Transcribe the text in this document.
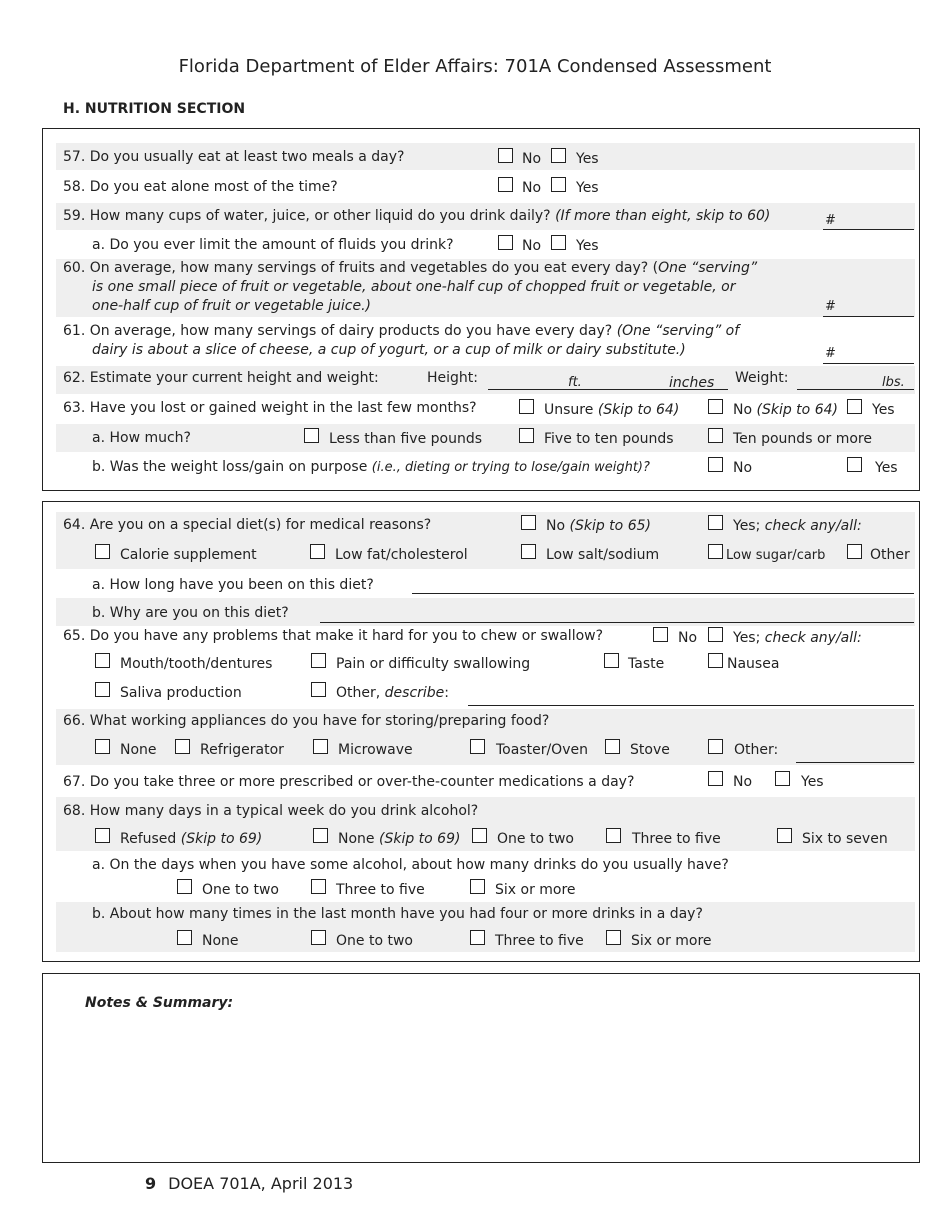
Florida Department of Elder Affairs: 701A Condensed Assessment
H. NUTRITION SECTION
57. Do you usually eat at least two meals a day?	No Yes
58. Do you eat alone most of the time?	No Yes
59. How many cups of water, juice, or other liquid do you drink daily? (If more than eight, skip to 60)	#
a. Do you ever limit the amount of fluids you drink?	No Yes
60. On average, how many servings of fruits and vegetables do you eat every day? (One “serving”
is one small piece of fruit or vegetable, about one-half cup of chopped fruit or vegetable, or
one-half cup of fruit or vegetable juice.)	#
61. On average, how many servings of dairy products do you have every day? (One “serving” of
dairy is about a slice of cheese, a cup of yogurt, or a cup of milk or dairy substitute.)	#
62. Estimate your current height and weight:	Height:	ft.	inches Weight:	lbs.
63. Have you lost or gained weight in the last few months?	Unsure (Skip to 64)	No (Skip to 64) Yes
a. How much?	Less than five pounds	Five to ten pounds	Ten pounds or more
b. Was the weight loss/gain on purpose (i.e., dieting or trying to lose/gain weight)?	No	Yes
64. Are you on a special diet(s) for medical reasons?	No (Skip to 65)	Yes; check any/all:
Calorie supplement	Low fat/cholesterol	Low salt/sodium	Low sugar/carb	Other
a. How long have you been on this diet?
b. Why are you on this diet?
65. Do you have any problems that make it hard for you to chew or swallow?	No	Yes; check any/all:
Mouth/tooth/dentures	Pain or difficulty swallowing	Taste	Nausea
Saliva production	Other, describe:
66. What working appliances do you have for storing/preparing food?
None	Refrigerator	Microwave	Toaster/Oven	Stove	Other:
67. Do you take three or more prescribed or over-the-counter medications a day?	No	Yes
68. How many days in a typical week do you drink alcohol?
Refused (Skip to 69)	None (Skip to 69)	One to two	Three to five	Six to seven
a. On the days when you have some alcohol, about how many drinks do you usually have?
One to two	Three to five	Six or more
b. About how many times in the last month have you had four or more drinks in a day?
None	One to two	Three to five	Six or more
Notes & Summary:
9 DOEA 701A, April 2013
